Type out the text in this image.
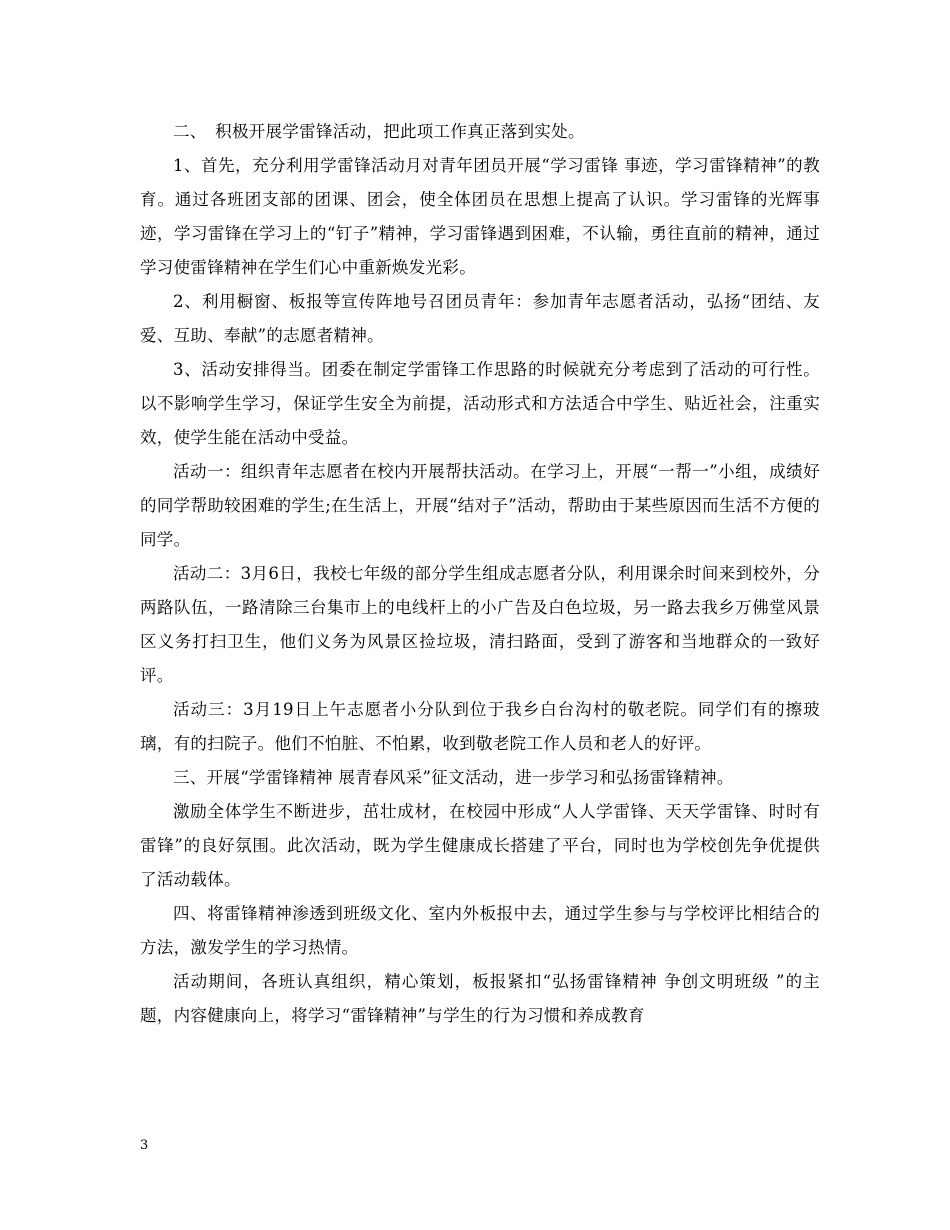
二、　积极开展学雷锋活动，把此项工作真正落到实处。

1、首先，充分利用学雷锋活动月对青年团员开展“学习雷锋 事迹，学习雷锋精神”的教育。通过各班团支部的团课、团会，使全体团员在思想上提高了认识。学习雷锋的光辉事迹，学习雷锋在学习上的“钉子”精神，学习雷锋遇到困难，不认输，勇往直前的精神，通过学习使雷锋精神在学生们心中重新焕发光彩。

2、利用橱窗、板报等宣传阵地号召团员青年：参加青年志愿者活动，弘扬“团结、友爱、互助、奉献”的志愿者精神。

3、活动安排得当。团委在制定学雷锋工作思路的时候就充分考虑到了活动的可行性。以不影响学生学习，保证学生安全为前提，活动形式和方法适合中学生、贴近社会，注重实效，使学生能在活动中受益。

活动一：组织青年志愿者在校内开展帮扶活动。在学习上，开展“一帮一”小组，成绩好的同学帮助较困难的学生;在生活上，开展“结对子”活动，帮助由于某些原因而生活不方便的同学。

活动二：3月6日，我校七年级的部分学生组成志愿者分队，利用课余时间来到校外，分两路队伍，一路清除三台集市上的电线杆上的小广告及白色垃圾，另一路去我乡万佛堂风景区义务打扫卫生，他们义务为风景区捡垃圾，清扫路面，受到了游客和当地群众的一致好评。

活动三：3月19日上午志愿者小分队到位于我乡白台沟村的敬老院。同学们有的擦玻璃，有的扫院子。他们不怕脏、不怕累，收到敬老院工作人员和老人的好评。

三、开展“学雷锋精神 展青春风采”征文活动，进一步学习和弘扬雷锋精神。

激励全体学生不断进步，茁壮成材，在校园中形成“人人学雷锋、天天学雷锋、时时有雷锋”的良好氛围。此次活动，既为学生健康成长搭建了平台，同时也为学校创先争优提供了活动载体。

四、将雷锋精神渗透到班级文化、室内外板报中去，通过学生参与与学校评比相结合的方法，激发学生的学习热情。

活动期间，各班认真组织，精心策划，板报紧扣“弘扬雷锋精神 争创文明班级 ”的主题，内容健康向上，将学习“雷锋精神”与学生的行为习惯和养成教育

3
